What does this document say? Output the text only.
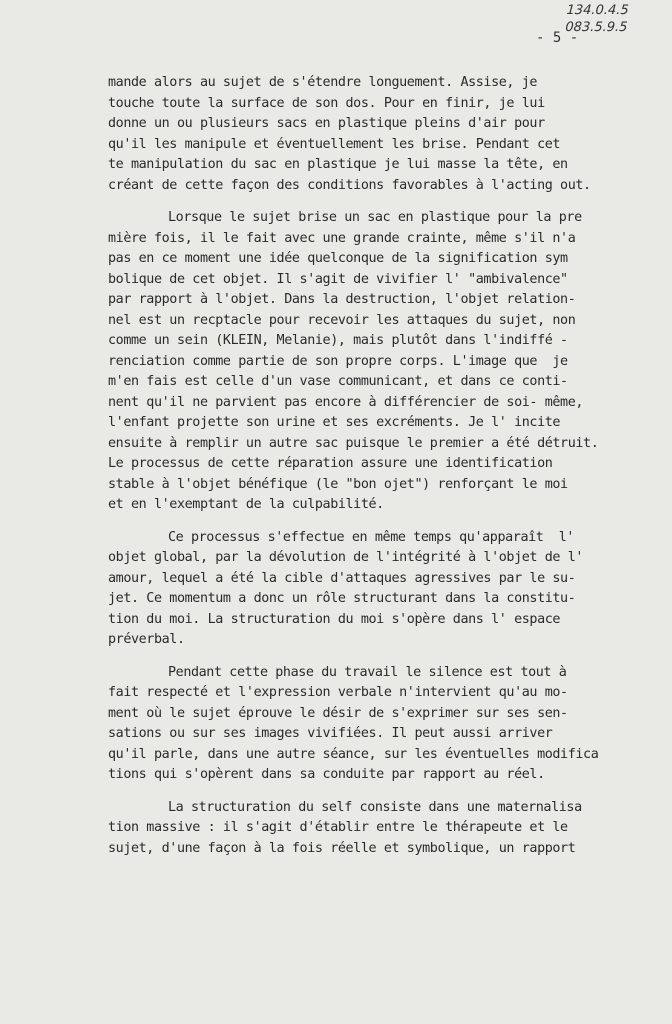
134.0.4.5
083.5.9.5
- 5 -
mande alors au sujet de s'étendre longuement. Assise, je
touche toute la surface de son dos. Pour en finir, je lui
donne un ou plusieurs sacs en plastique pleins d'air pour
qu'il les manipule et éventuellement les brise. Pendant cet
te manipulation du sac en plastique je lui masse la tête, en
créant de cette façon des conditions favorables à l'acting out.
Lorsque le sujet brise un sac en plastique pour la pre
mière fois, il le fait avec une grande crainte, même s'il n'a
pas en ce moment une idée quelconque de la signification sym
bolique de cet objet. Il s'agit de vivifier l' "ambivalence"
par rapport à l'objet. Dans la destruction, l'objet relation-
nel est un recptacle pour recevoir les attaques du sujet, non
comme un sein (KLEIN, Melanie), mais plutôt dans l'indiffé -
renciation comme partie de son propre corps. L'image que  je
m'en fais est celle d'un vase communicant, et dans ce conti-
nent qu'il ne parvient pas encore à différencier de soi- même,
l'enfant projette son urine et ses excréments. Je l' incite
ensuite à remplir un autre sac puisque le premier a été détruit.
Le processus de cette réparation assure une identification
stable à l'objet bénéfique (le "bon ojet") renforçant le moi
et en l'exemptant de la culpabilité.
Ce processus s'effectue en même temps qu'apparaît  l'
objet global, par la dévolution de l'intégrité à l'objet de l'
amour, lequel a été la cible d'attaques agressives par le su-
jet. Ce momentum a donc un rôle structurant dans la constitu-
tion du moi. La structuration du moi s'opère dans l' espace
préverbal.
Pendant cette phase du travail le silence est tout à
fait respecté et l'expression verbale n'intervient qu'au mo-
ment où le sujet éprouve le désir de s'exprimer sur ses sen-
sations ou sur ses images vivifiées. Il peut aussi arriver
qu'il parle, dans une autre séance, sur les éventuelles modifica
tions qui s'opèrent dans sa conduite par rapport au réel.
La structuration du self consiste dans une maternalisa
tion massive : il s'agit d'établir entre le thérapeute et le
sujet, d'une façon à la fois réelle et symbolique, un rapport
